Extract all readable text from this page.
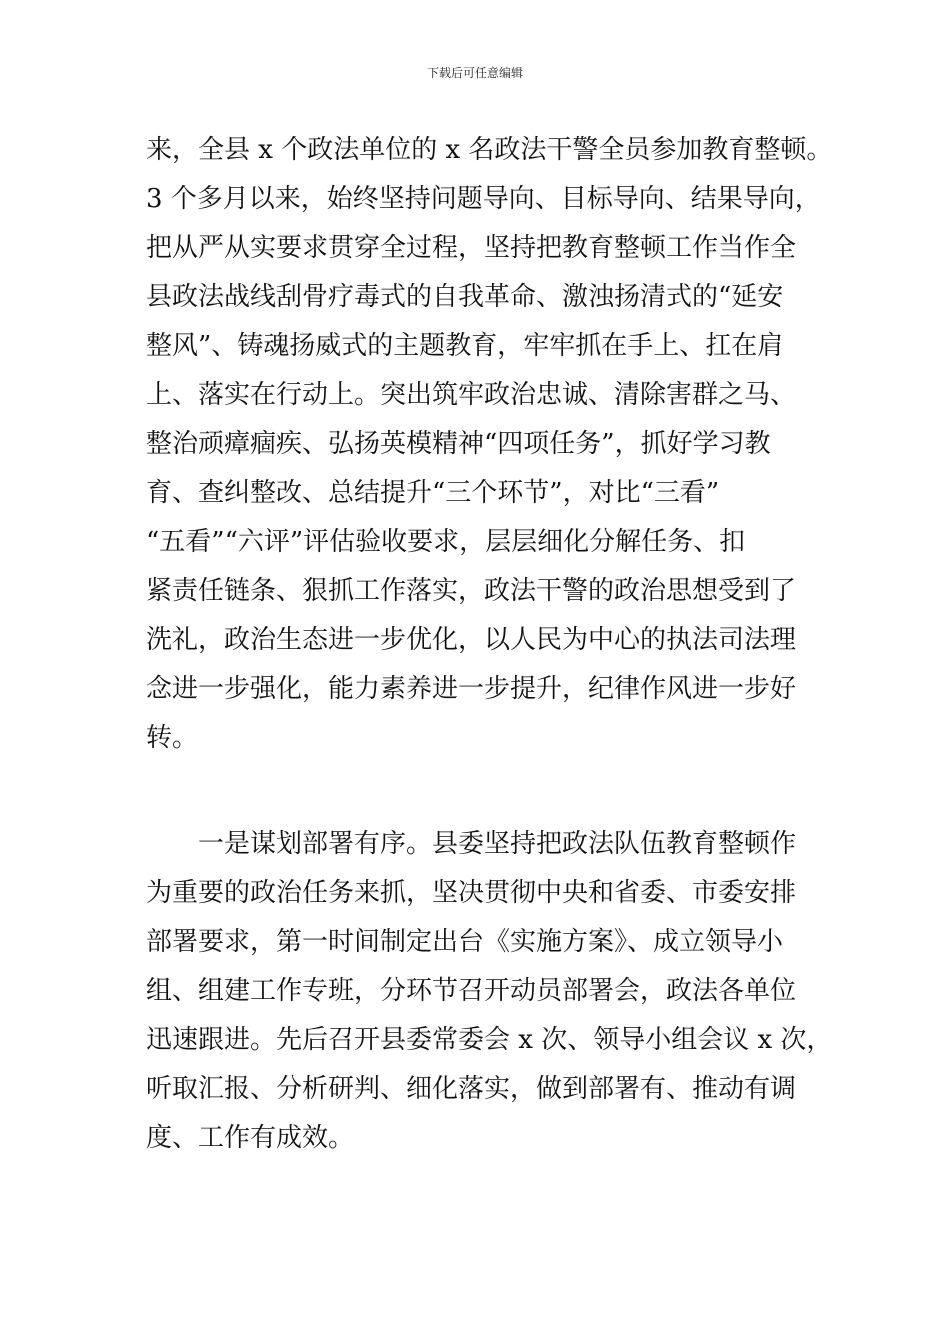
下载后可任意编辑
来，全县 x 个政法单位的 x 名政法干警全员参加教育整顿。
3 个多月以来，始终坚持问题导向、目标导向、结果导向，
把从严从实要求贯穿全过程，坚持把教育整顿工作当作全
县政法战线刮骨疗毒式的自我革命、激浊扬清式的“延安
整风”、铸魂扬威式的主题教育，牢牢抓在手上、扛在肩
上、落实在行动上。突出筑牢政治忠诚、清除害群之马、
整治顽瘴痼疾、弘扬英模精神“四项任务”，抓好学习教
育、查纠整改、总结提升“三个环节”，对比“三看”
“五看”“六评”评估验收要求，层层细化分解任务、扣
紧责任链条、狠抓工作落实，政法干警的政治思想受到了
洗礼，政治生态进一步优化，以人民为中心的执法司法理
念进一步强化，能力素养进一步提升，纪律作风进一步好
转。
一是谋划部署有序。县委坚持把政法队伍教育整顿作
为重要的政治任务来抓，坚决贯彻中央和省委、市委安排
部署要求，第一时间制定出台《实施方案》、成立领导小
组、组建工作专班，分环节召开动员部署会，政法各单位
迅速跟进。先后召开县委常委会 x 次、领导小组会议 x 次，
听取汇报、分析研判、细化落实，做到部署有、推动有调
度、工作有成效。
